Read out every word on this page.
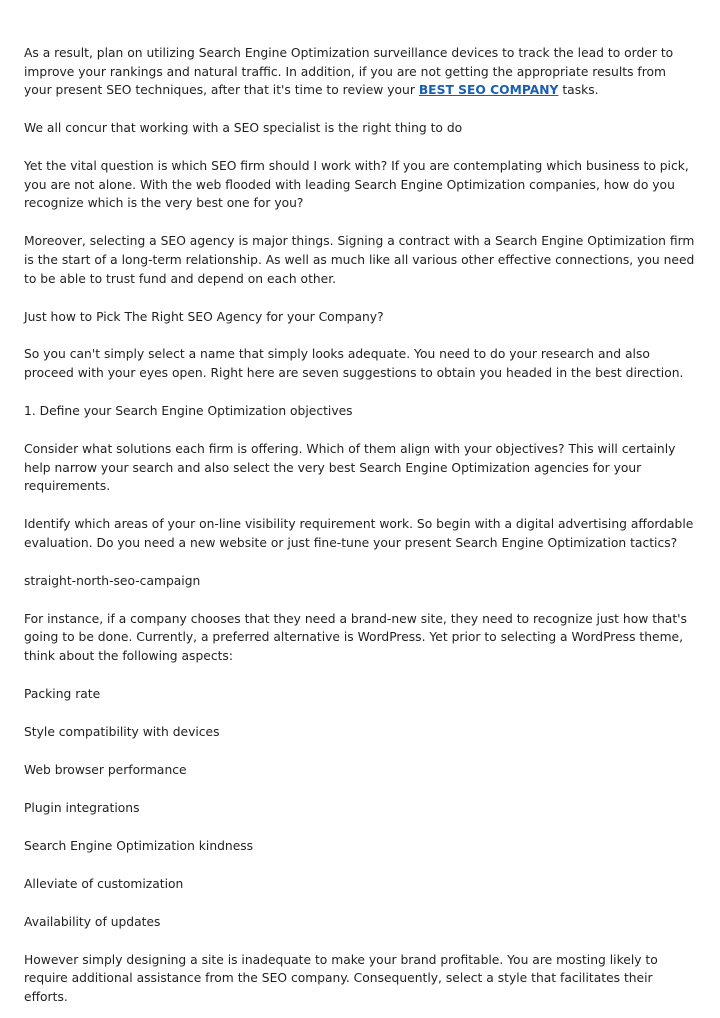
As a result, plan on utilizing Search Engine Optimization surveillance devices to track the lead to order to improve your rankings and natural traffic. In addition, if you are not getting the appropriate results from your present SEO techniques, after that it's time to review your BEST SEO COMPANY tasks.

We all concur that working with a SEO specialist is the right thing to do

Yet the vital question is which SEO firm should I work with? If you are contemplating which business to pick, you are not alone. With the web flooded with leading Search Engine Optimization companies, how do you recognize which is the very best one for you?

Moreover, selecting a SEO agency is major things. Signing a contract with a Search Engine Optimization firm is the start of a long-term relationship. As well as much like all various other effective connections, you need to be able to trust fund and depend on each other.

Just how to Pick The Right SEO Agency for your Company?

So you can't simply select a name that simply looks adequate. You need to do your research and also proceed with your eyes open. Right here are seven suggestions to obtain you headed in the best direction.

1. Define your Search Engine Optimization objectives

Consider what solutions each firm is offering. Which of them align with your objectives? This will certainly help narrow your search and also select the very best Search Engine Optimization agencies for your requirements.

Identify which areas of your on-line visibility requirement work. So begin with a digital advertising affordable evaluation. Do you need a new website or just fine-tune your present Search Engine Optimization tactics?

straight-north-seo-campaign

For instance, if a company chooses that they need a brand-new site, they need to recognize just how that's going to be done. Currently, a preferred alternative is WordPress. Yet prior to selecting a WordPress theme, think about the following aspects:

Packing rate

Style compatibility with devices

Web browser performance

Plugin integrations

Search Engine Optimization kindness

Alleviate of customization

Availability of updates

However simply designing a site is inadequate to make your brand profitable. You are mosting likely to require additional assistance from the SEO company. Consequently, select a style that facilitates their efforts.
